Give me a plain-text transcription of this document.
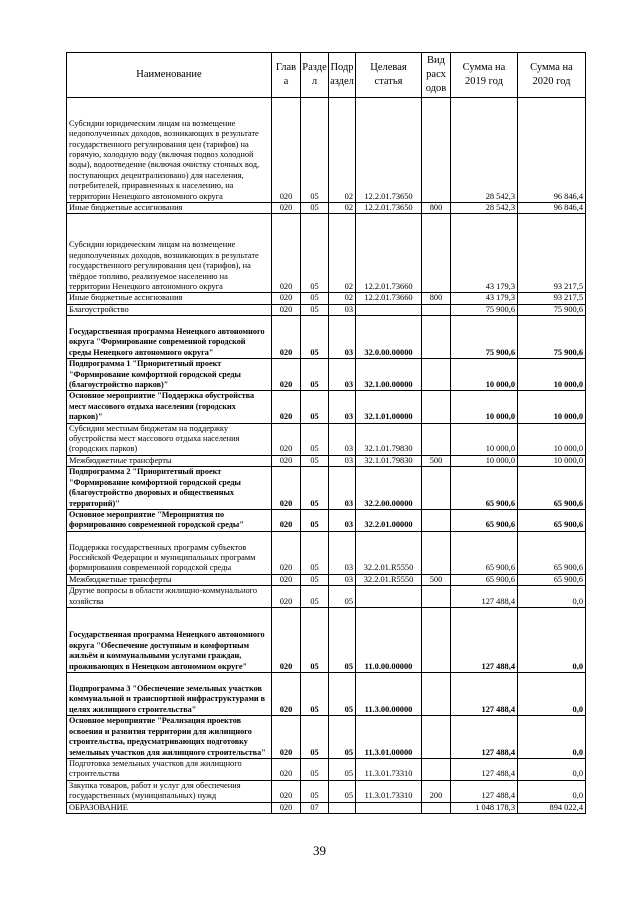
Наименование	Глав а	Разде л	Подр аздел	Целевая статья	Вид расх одов	Сумма на 2019 год	Сумма на 2020 год
Субсидии юридическим лицам на возмещение недополученных доходов, возникающих в результате государственного регулирования цен (тарифов) на горячую, холодную воду (включая подвоз холодной воды), водоотведение (включая очистку сточных вод, поступающих децентрализовано) для населения, потребителей, приравненных к населению, на территории Ненецкого автономного округа	020	05	02	12.2.01.73650		28 542,3	96 846,4
Иные бюджетные ассигнования	020	05	02	12.2.01.73650	800	28 542,3	96 846,4
Субсидии юридическим лицам на возмещение недополученных доходов, возникающих в результате государственного регулирования цен (тарифов), на твёрдое топливо, реализуемое населению на территории Ненецкого автономного округа	020	05	02	12.2.01.73660		43 179,3	93 217,5
Иные бюджетные ассигнования	020	05	02	12.2.01.73660	800	43 179,3	93 217,5
Благоустройство	020	05	03			75 900,6	75 900,6
Государственная программа Ненецкого автономного округа "Формирование современной городской среды Ненецкого автономного округа"	020	05	03	32.0.00.00000		75 900,6	75 900,6
Подпрограмма 1 "Приоритетный проект "Формирование комфортной городской среды (благоустройство парков)"	020	05	03	32.1.00.00000		10 000,0	10 000,0
Основное мероприятие "Поддержка обустройства мест массового отдыха населения (городских парков)"	020	05	03	32.1.01.00000		10 000,0	10 000,0
Субсидии местным бюджетам на поддержку обустройства мест массового отдыха населения (городских парков)	020	05	03	32.1.01.79830		10 000,0	10 000,0
Межбюджетные трансферты	020	05	03	32.1.01.79830	500	10 000,0	10 000,0
Подпрограмма 2 "Приоритетный проект "Формирование комфортной городской среды (благоустройство дворовых и общественных территорий)"	020	05	03	32.2.00.00000		65 900,6	65 900,6
Основное мероприятие "Мероприятия по формированию современной городской среды"	020	05	03	32.2.01.00000		65 900,6	65 900,6
Поддержка государственных программ субъектов Российской Федерации и муниципальных программ формирования современной городской среды	020	05	03	32.2.01.R5550		65 900,6	65 900,6
Межбюджетные трансферты	020	05	03	32.2.01.R5550	500	65 900,6	65 900,6
Другие вопросы в области жилищно-коммунального хозяйства	020	05	05			127 488,4	0,0
Государственная программа Ненецкого автономного округа "Обеспечение доступным и комфортным жильём и коммунальными услугами граждан, проживающих в Ненецком автономном округе"	020	05	05	11.0.00.00000		127 488,4	0,0
Подпрограмма 3 "Обеспечение земельных участков коммунальной и транспортной инфраструктурами в целях жилищного строительства"	020	05	05	11.3.00.00000		127 488,4	0,0
Основное мероприятие "Реализация проектов освоения и развития территории для жилищного строительства, предусматривающих подготовку земельных участков для жилищного строительства"	020	05	05	11.3.01.00000		127 488,4	0,0
Подготовка земельных участков для жилищного строительства	020	05	05	11.3.01.73310		127 488,4	0,0
Закупка товаров, работ и услуг для обеспечения государственных (муниципальных) нужд	020	05	05	11.3.01.73310	200	127 488,4	0,0
ОБРАЗОВАНИЕ	020	07				1 048 178,3	894 022,4
39
